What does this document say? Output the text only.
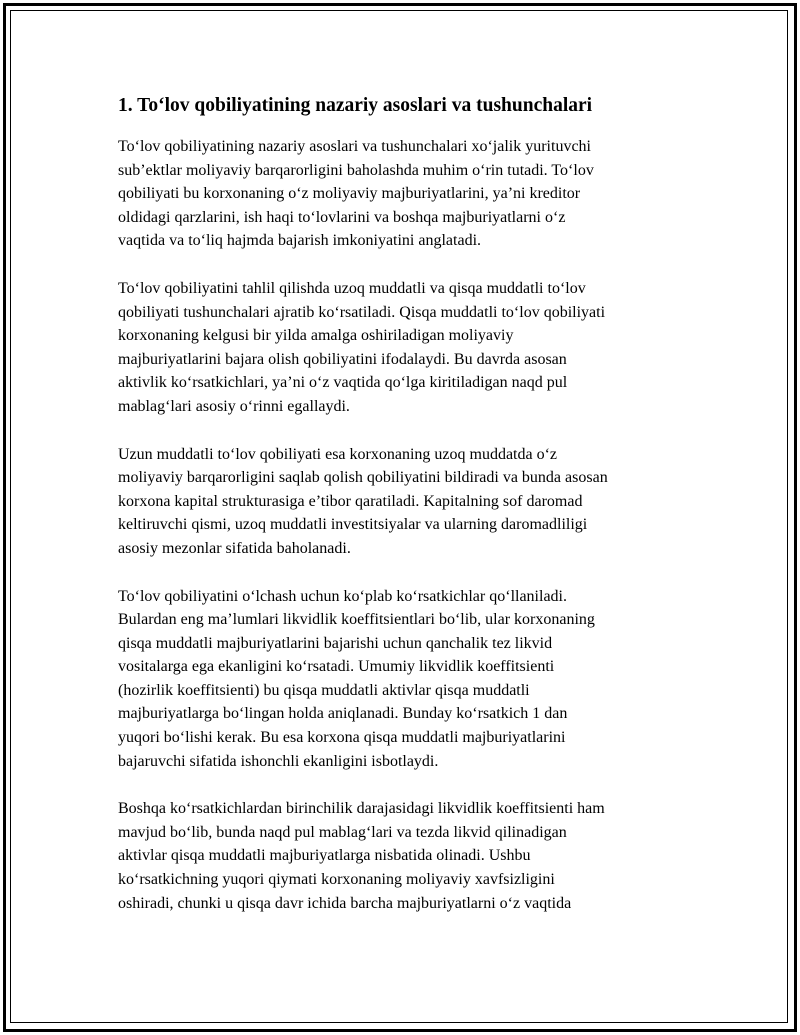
1. To‘lov qobiliyatining nazariy asoslari va tushunchalari

To‘lov qobiliyatining nazariy asoslari va tushunchalari xo‘jalik yurituvchi
sub’ektlar moliyaviy barqarorligini baholashda muhim o‘rin tutadi. To‘lov
qobiliyati bu korxonaning o‘z moliyaviy majburiyatlarini, ya’ni kreditor
oldidagi qarzlarini, ish haqi to‘lovlarini va boshqa majburiyatlarni o‘z
vaqtida va to‘liq hajmda bajarish imkoniyatini anglatadi.

To‘lov qobiliyatini tahlil qilishda uzoq muddatli va qisqa muddatli to‘lov
qobiliyati tushunchalari ajratib ko‘rsatiladi. Qisqa muddatli to‘lov qobiliyati
korxonaning kelgusi bir yilda amalga oshiriladigan moliyaviy
majburiyatlarini bajara olish qobiliyatini ifodalaydi. Bu davrda asosan
aktivlik ko‘rsatkichlari, ya’ni o‘z vaqtida qo‘lga kiritiladigan naqd pul
mablag‘lari asosiy o‘rinni egallaydi.

Uzun muddatli to‘lov qobiliyati esa korxonaning uzoq muddatda o‘z
moliyaviy barqarorligini saqlab qolish qobiliyatini bildiradi va bunda asosan
korxona kapital strukturasiga e’tibor qaratiladi. Kapitalning sof daromad
keltiruvchi qismi, uzoq muddatli investitsiyalar va ularning daromadliligi
asosiy mezonlar sifatida baholanadi.

To‘lov qobiliyatini o‘lchash uchun ko‘plab ko‘rsatkichlar qo‘llaniladi.
Bulardan eng ma’lumlari likvidlik koeffitsientlari bo‘lib, ular korxonaning
qisqa muddatli majburiyatlarini bajarishi uchun qanchalik tez likvid
vositalarga ega ekanligini ko‘rsatadi. Umumiy likvidlik koeffitsienti
(hozirlik koeffitsienti) bu qisqa muddatli aktivlar qisqa muddatli
majburiyatlarga bo‘lingan holda aniqlanadi. Bunday ko‘rsatkich 1 dan
yuqori bo‘lishi kerak. Bu esa korxona qisqa muddatli majburiyatlarini
bajaruvchi sifatida ishonchli ekanligini isbotlaydi.

Boshqa ko‘rsatkichlardan birinchilik darajasidagi likvidlik koeffitsienti ham
mavjud bo‘lib, bunda naqd pul mablag‘lari va tezda likvid qilinadigan
aktivlar qisqa muddatli majburiyatlarga nisbatida olinadi. Ushbu
ko‘rsatkichning yuqori qiymati korxonaning moliyaviy xavfsizligini
oshiradi, chunki u qisqa davr ichida barcha majburiyatlarni o‘z vaqtida
